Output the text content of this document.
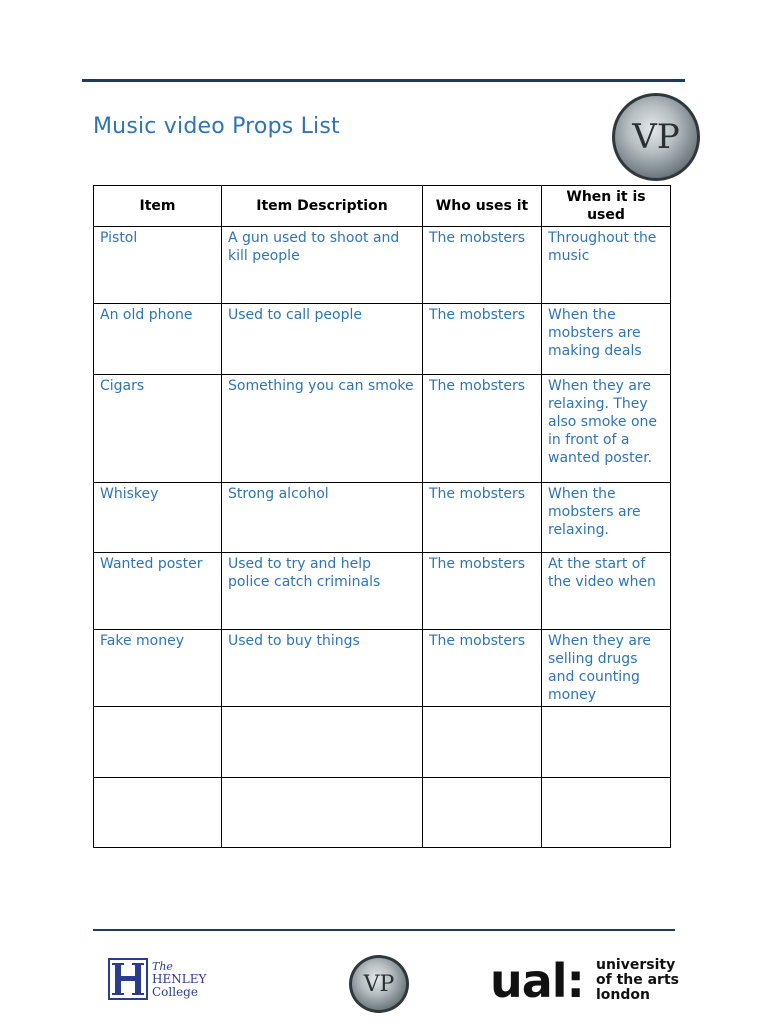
Music video Props List	VP
Item	Item Description	Who uses it	When it is used
Pistol	A gun used to shoot and kill people	The mobsters	Throughout the music
An old phone	Used to call people	The mobsters	When the mobsters are making deals
Cigars	Something you can smoke	The mobsters	When they are relaxing. They also smoke one in front of a wanted poster.
Whiskey	Strong alcohol	The mobsters	When the mobsters are relaxing.
Wanted poster	Used to try and help police catch criminals	The mobsters	At the start of the video when
Fake money	Used to buy things	The mobsters	When they are selling drugs and counting money

The
HENLEY
College	VP ual: university
of the arts
london
